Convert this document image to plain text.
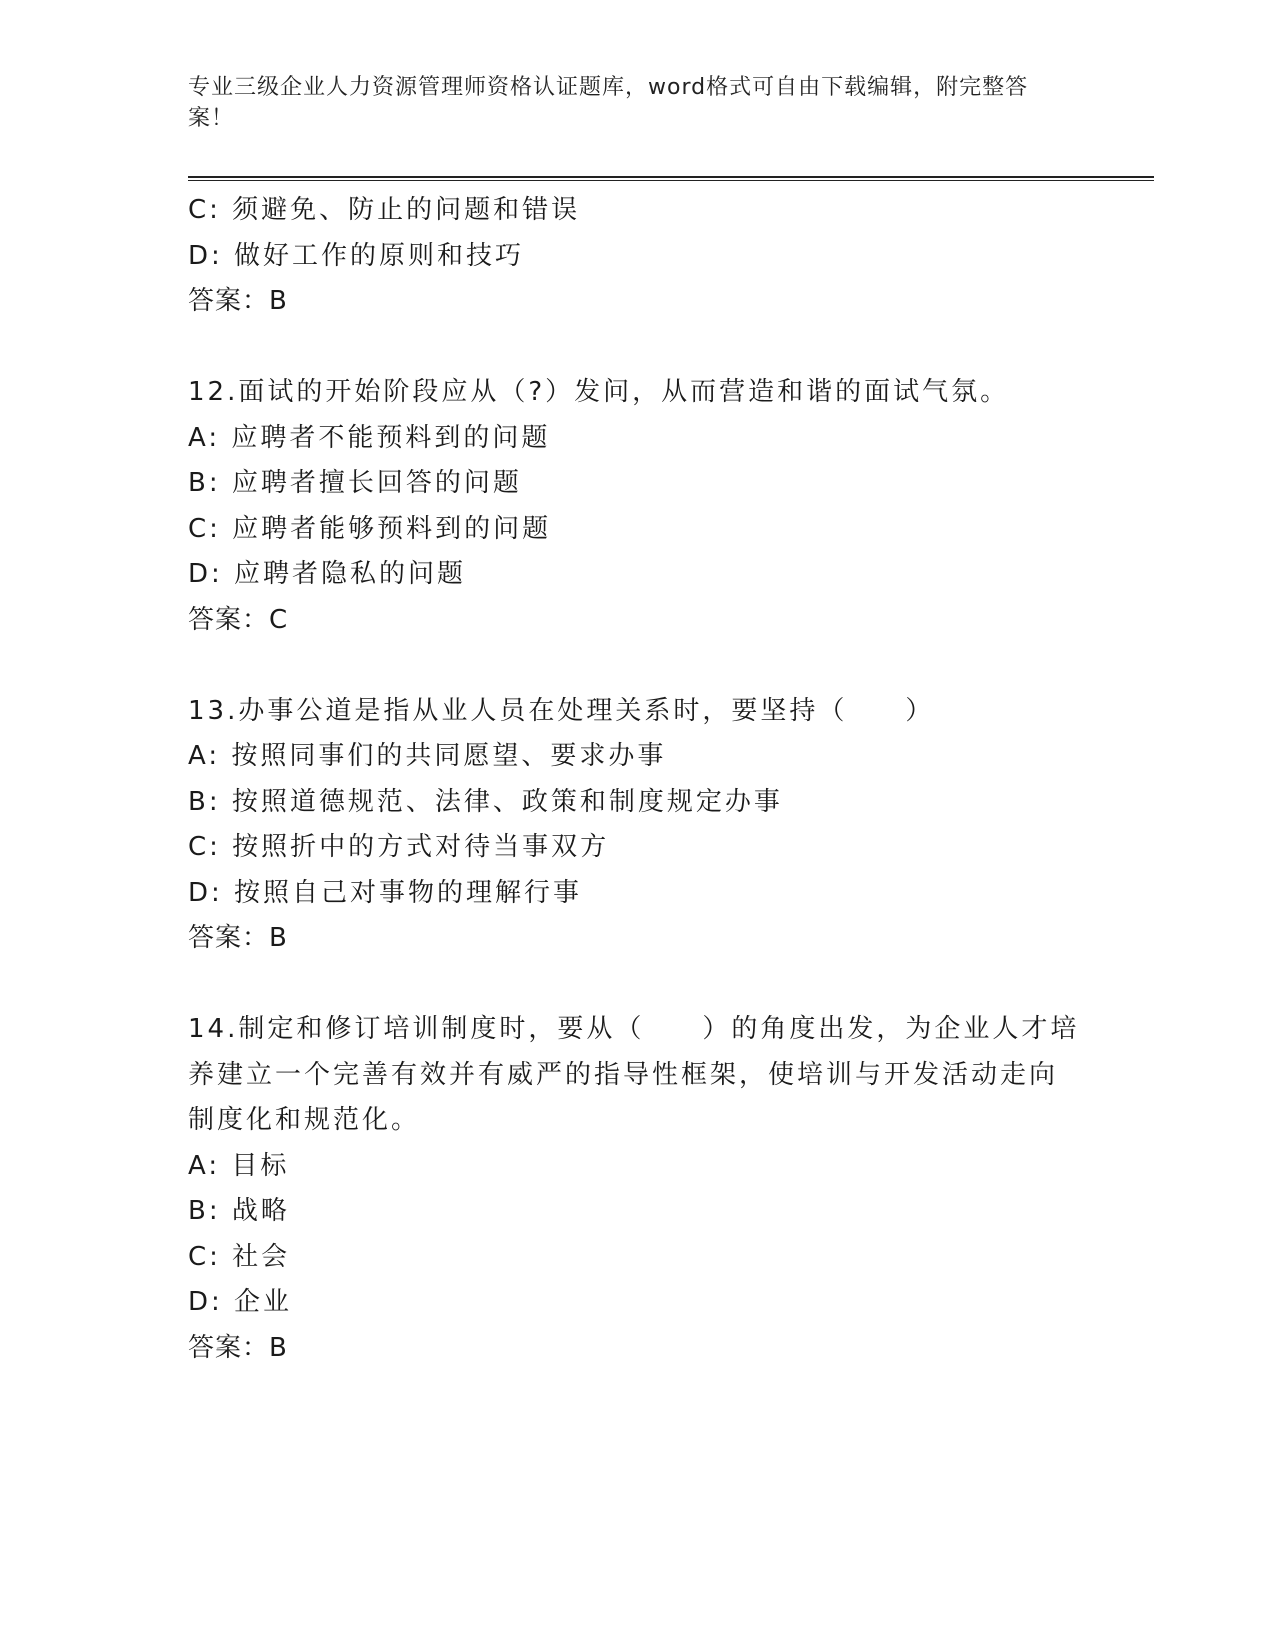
专业三级企业人力资源管理师资格认证题库，word格式可自由下载编辑，附完整答案！
C: 须避免、防止的问题和错误
D: 做好工作的原则和技巧
答案：B
12.面试的开始阶段应从（?）发问，从而营造和谐的面试气氛。
A: 应聘者不能预料到的问题
B: 应聘者擅长回答的问题
C: 应聘者能够预料到的问题
D: 应聘者隐私的问题
答案：C
13.办事公道是指从业人员在处理关系时，要坚持（　　）
A: 按照同事们的共同愿望、要求办事
B: 按照道德规范、法律、政策和制度规定办事
C: 按照折中的方式对待当事双方
D: 按照自己对事物的理解行事
答案：B
14.制定和修订培训制度时，要从（　　）的角度出发，为企业人才培
养建立一个完善有效并有威严的指导性框架，使培训与开发活动走向
制度化和规范化。
A: 目标
B: 战略
C: 社会
D: 企业
答案：B
